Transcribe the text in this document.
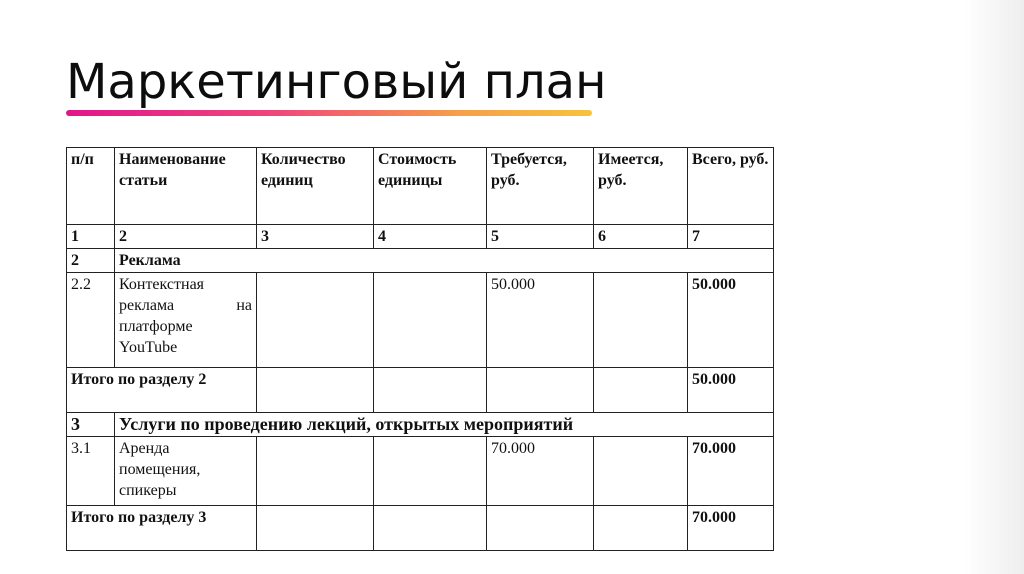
Маркетинговый план
п/п	Наименование статьи	Количество единиц	Стоимость единицы	Требуется, руб.	Имеется, руб.	Всего, руб.
1	2	3	4	5	6	7
2	Реклама					
2.2	Контекстная реклама на платформе YouTube			50.000		50.000
Итого по разделу 2						50.000
3	Услуги по проведению лекций, открытых мероприятий					
3.1	Аренда помещения, спикеры			70.000		70.000
Итого по разделу 3						70.000
